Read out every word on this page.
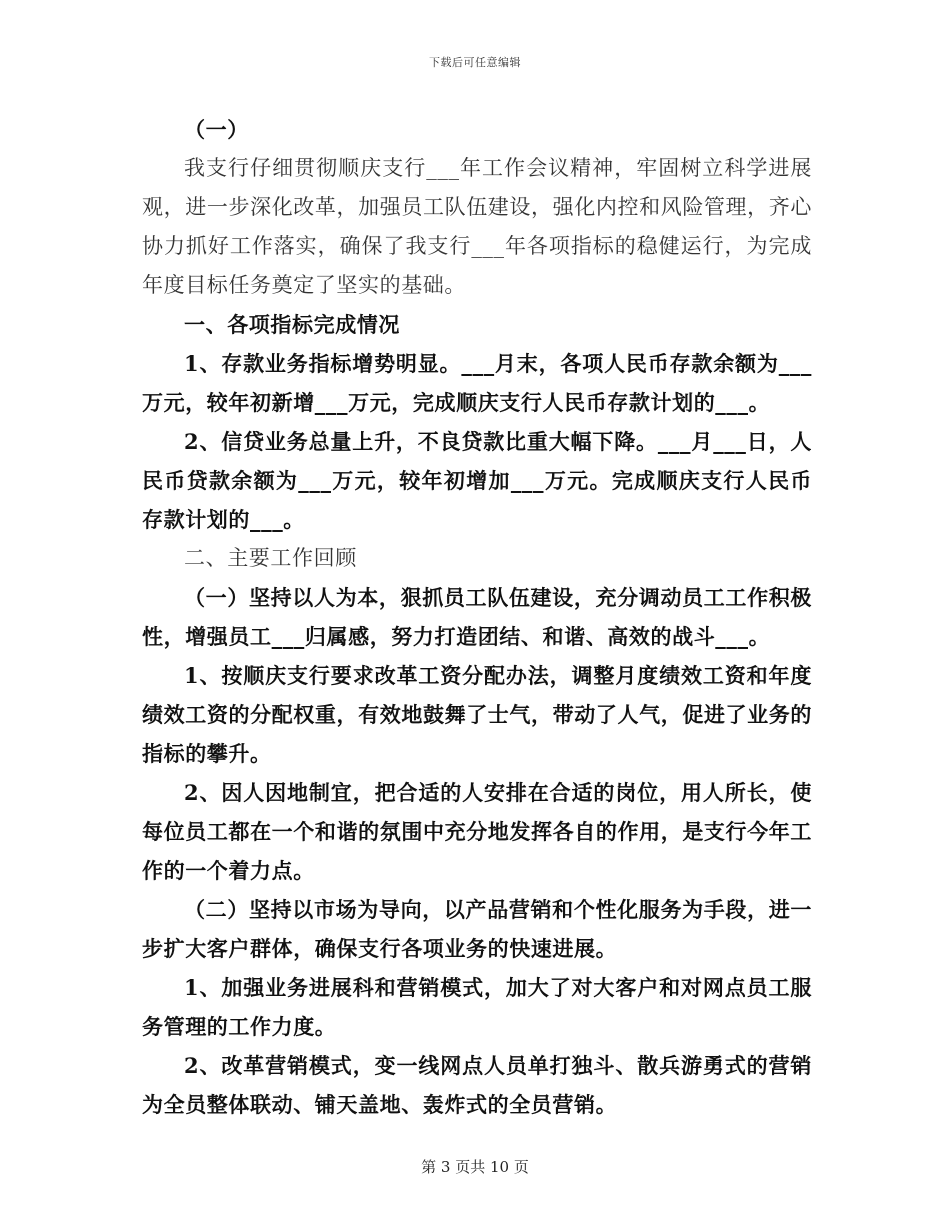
下载后可任意编辑

（一）

我支行仔细贯彻顺庆支行___年工作会议精神，牢固树立科学进展观，进一步深化改革，加强员工队伍建设，强化内控和风险管理，齐心协力抓好工作落实，确保了我支行___年各项指标的稳健运行，为完成年度目标任务奠定了坚实的基础。

一、各项指标完成情况

1、存款业务指标增势明显。___月末，各项人民币存款余额为___万元，较年初新增___万元，完成顺庆支行人民币存款计划的___。

2、信贷业务总量上升，不良贷款比重大幅下降。___月___日，人民币贷款余额为___万元，较年初增加___万元。完成顺庆支行人民币存款计划的___。

二、主要工作回顾

（一）坚持以人为本，狠抓员工队伍建设，充分调动员工工作积极性，增强员工___归属感，努力打造团结、和谐、高效的战斗___。

1、按顺庆支行要求改革工资分配办法，调整月度绩效工资和年度绩效工资的分配权重，有效地鼓舞了士气，带动了人气，促进了业务的指标的攀升。

2、因人因地制宜，把合适的人安排在合适的岗位，用人所长，使每位员工都在一个和谐的氛围中充分地发挥各自的作用，是支行今年工作的一个着力点。

（二）坚持以市场为导向，以产品营销和个性化服务为手段，进一步扩大客户群体，确保支行各项业务的快速进展。

1、加强业务进展科和营销模式，加大了对大客户和对网点员工服务管理的工作力度。

2、改革营销模式，变一线网点人员单打独斗、散兵游勇式的营销为全员整体联动、铺天盖地、轰炸式的全员营销。

第 3 页共 10 页
